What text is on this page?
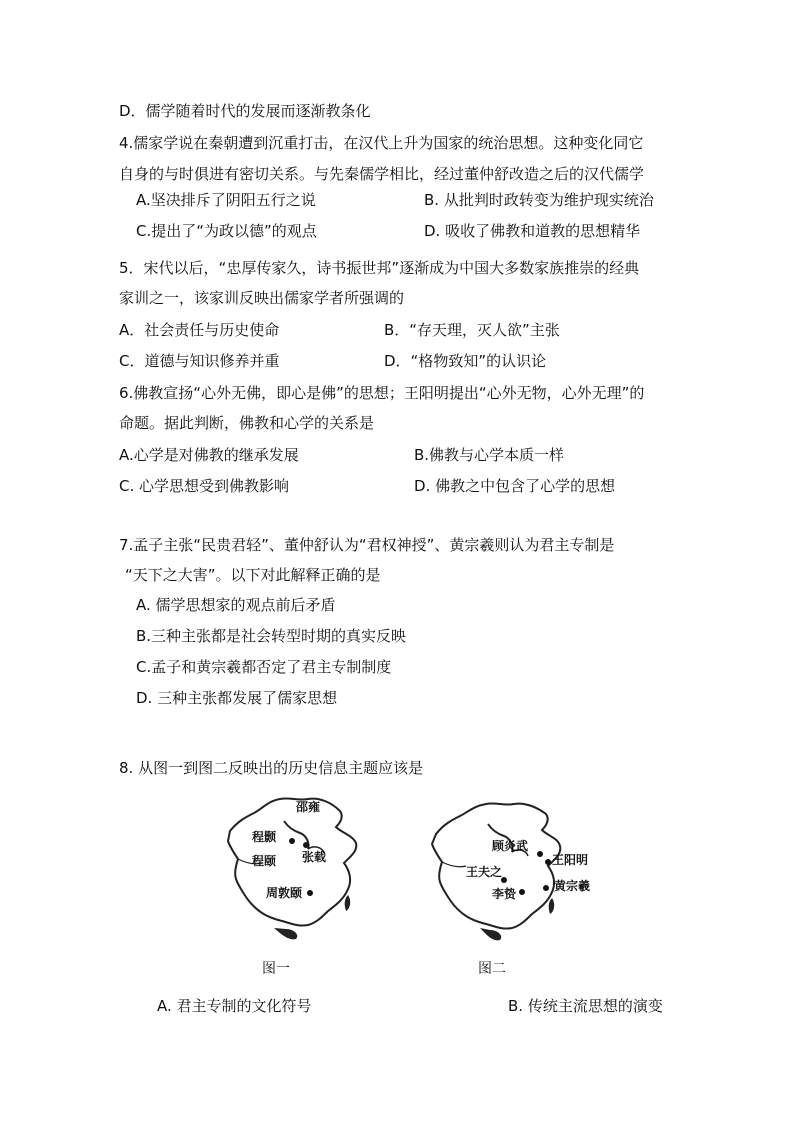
D．儒学随着时代的发展而逐渐教条化
4.儒家学说在秦朝遭到沉重打击，在汉代上升为国家的统治思想。这种变化同它
自身的与时俱进有密切关系。与先秦儒学相比，经过董仲舒改造之后的汉代儒学
A.坚决排斥了阴阳五行之说	B. 从批判时政转变为维护现实统治
C.提出了“为政以德”的观点	D. 吸收了佛教和道教的思想精华
5．宋代以后，“忠厚传家久，诗书振世邦”逐渐成为中国大多数家族推崇的经典
家训之一，该家训反映出儒家学者所强调的
A．社会责任与历史使命	B．“存天理，灭人欲”主张
C．道德与知识修养并重	D．“格物致知”的认识论
6.佛教宣扬“心外无佛，即心是佛”的思想；王阳明提出“心外无物，心外无理”的
命题。据此判断，佛教和心学的关系是
A.心学是对佛教的继承发展	B.佛教与心学本质一样
C. 心学思想受到佛教影响	D. 佛教之中包含了心学的思想
7.孟子主张“民贵君轻”、董仲舒认为“君权神授”、黄宗羲则认为君主专制是
“天下之大害”。以下对此解释正确的是
A. 儒学思想家的观点前后矛盾
B.三种主张都是社会转型时期的真实反映
C.孟子和黄宗羲都否定了君主专制制度
D. 三种主张都发展了儒家思想
8. 从图一到图二反映出的历史信息主题应该是
邵雍
程颢
程颐 张载
周敦颐
图一
顾炎武
王阳明
王夫之
李贽
黄宗羲
图二
A. 君主专制的文化符号	B. 传统主流思想的演变
